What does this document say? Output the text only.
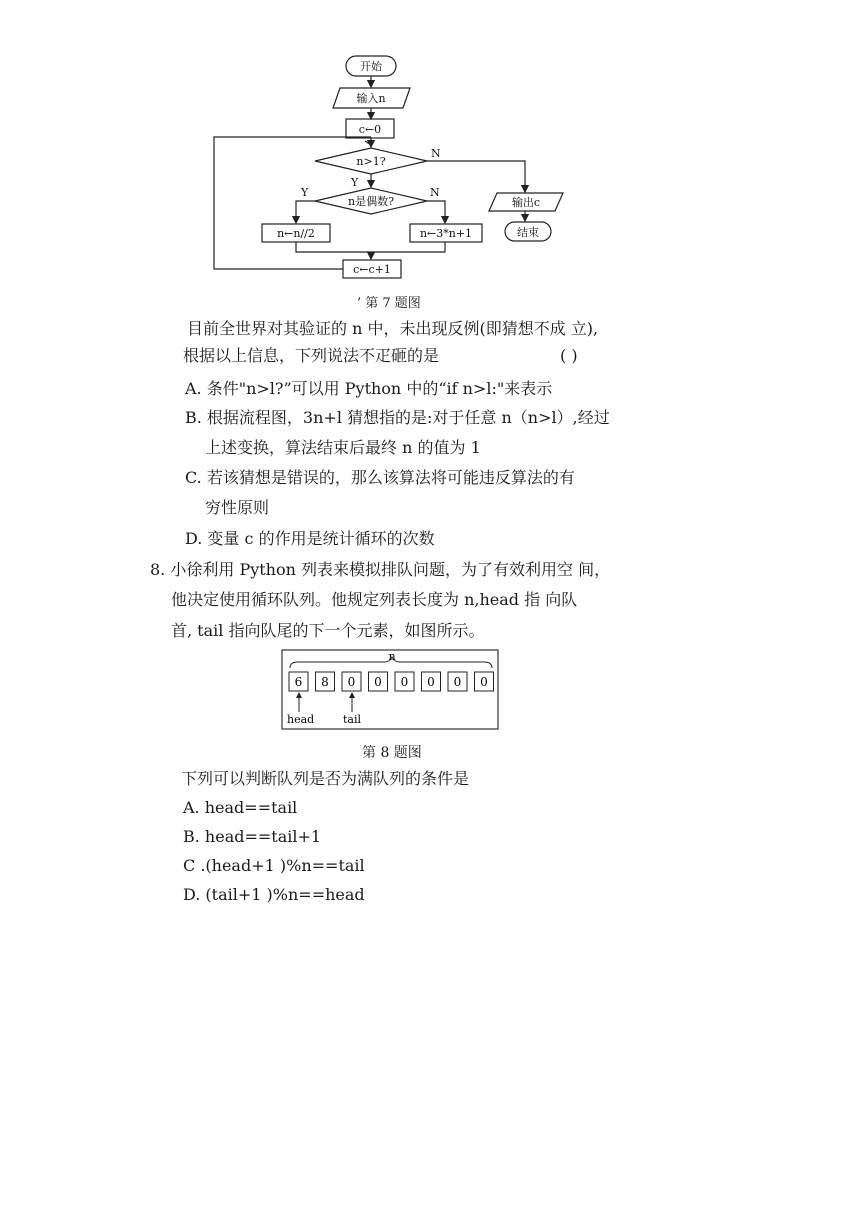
开始
输入n
c←0
n>1?
N
Y
n是偶数?
Y	N
n←n//2	n←3*n+1
c←c+1
输出c
结束
’ 第 7 题图
目前全世界对其验证的 n 中，未出现反例(即猜想不成 立),
根据以上信息，下列说法不疋砸的是	( )
A. 条件"n>l?”可以用 Python 中的“if n>l:"来表示
B. 根据流程图，3n+l 猜想指的是:对于任意 n（n>l）,经过
上述变换，算法结束后最终 n 的值为 1
C. 若该猜想是错误的，那么该算法将可能违反算法的有
穷性原则
D. 变量 c 的作用是统计循环的次数
8. 小徐利用 Python 列表来模拟排队问题，为了有效利用空 间，
他决定使用循环队列。他规定列表长度为 n,head 指 向队
首, tail 指向队尾的下一个元素，如图所示。
n
6 8 0 0 0 0 0 0
head	tail
第 8 题图
下列可以判断队列是否为满队列的条件是
A. head==tail
B. head==tail+1
C .(head+1 )%n==tail
D. (tail+1 )%n==head
